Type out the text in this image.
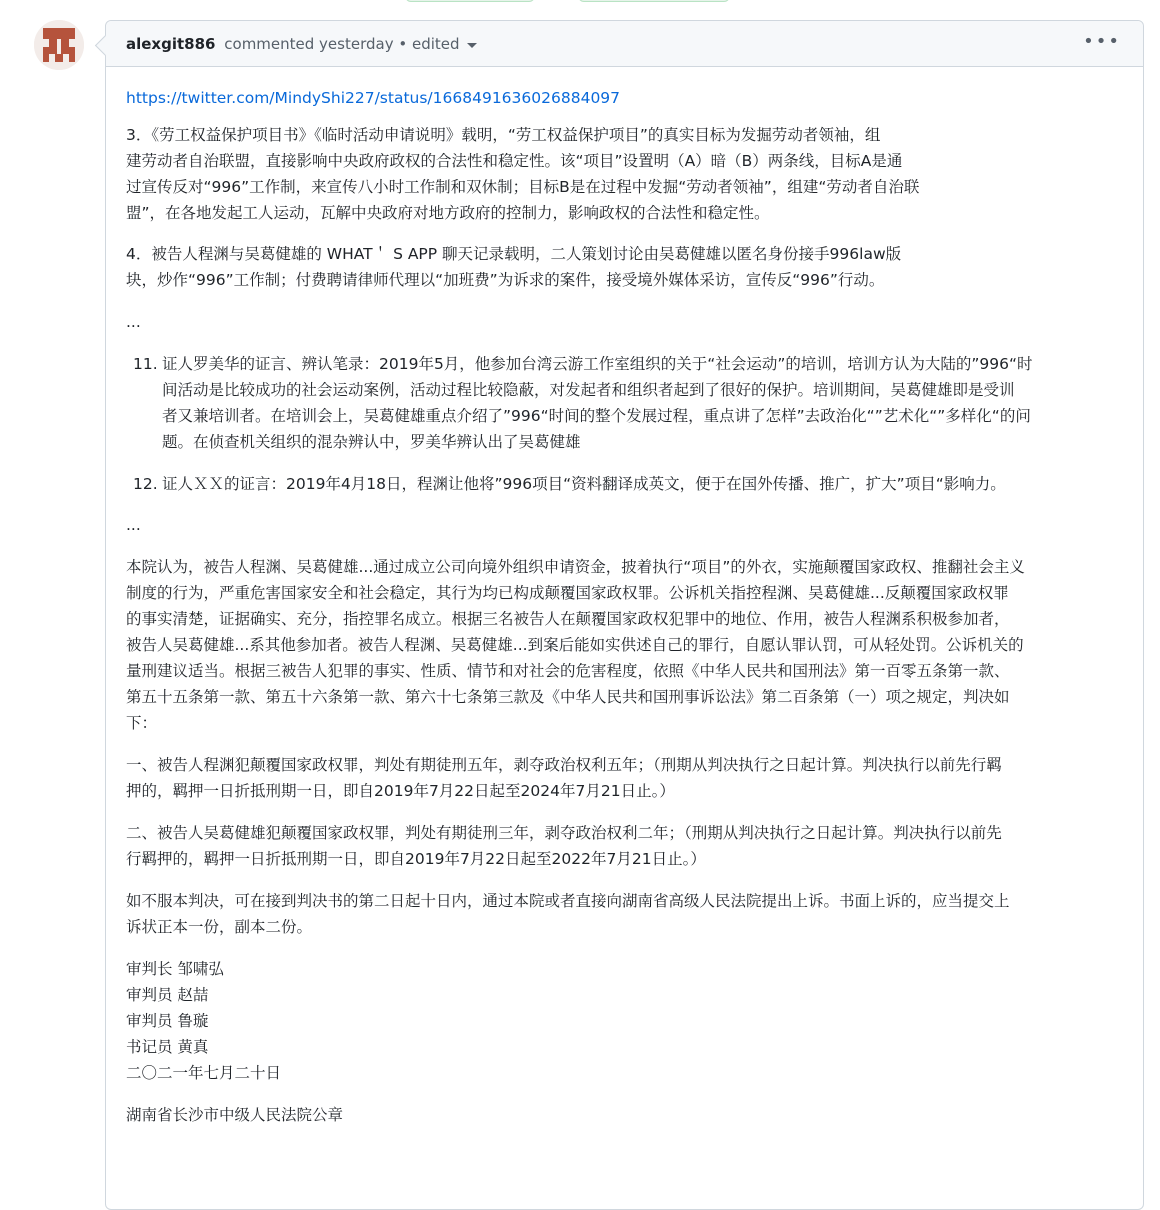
alexgit886 commented yesterday • edited	•••

https://twitter.com/MindyShi227/status/1668491636026884097

3．《劳工权益保护项目书》《临时活动申请说明》载明，“劳工权益保护项目”的真实目标为发掘劳动者领袖，组
建劳动者自治联盟，直接影响中央政府政权的合法性和稳定性。该“项目”设置明（A）暗（B）两条线，目标A是通
过宣传反对“996”工作制，来宣传八小时工作制和双休制；目标B是在过程中发掘“劳动者领袖”，组建“劳动者自治联
盟”，在各地发起工人运动，瓦解中央政府对地方政府的控制力，影响政权的合法性和稳定性。

4．被告人程渊与吴葛健雄的 WHAT＇ S APP 聊天记录载明，二人策划讨论由吴葛健雄以匿名身份接手996law版
块，炒作“996”工作制；付费聘请律师代理以“加班费”为诉求的案件，接受境外媒体采访，宣传反“996”行动。

...

11. 证人罗美华的证言、辨认笔录：2019年5月，他参加台湾云游工作室组织的关于“社会运动”的培训，培训方认为大陆的”996“时
间活动是比较成功的社会运动案例，活动过程比较隐蔽，对发起者和组织者起到了很好的保护。培训期间，吴葛健雄即是受训
者又兼培训者。在培训会上，吴葛健雄重点介绍了”996“时间的整个发展过程，重点讲了怎样”去政治化“”艺术化“”多样化“的问
题。在侦查机关组织的混杂辨认中，罗美华辨认出了吴葛健雄
12. 证人ＸＸ的证言：2019年4月18日，程渊让他将”996项目“资料翻译成英文，便于在国外传播、推广，扩大”项目“影响力。

...

本院认为，被告人程渊、吴葛健雄...通过成立公司向境外组织申请资金，披着执行“项目”的外衣，实施颠覆国家政权、推翻社会主义
制度的行为，严重危害国家安全和社会稳定，其行为均已构成颠覆国家政权罪。公诉机关指控程渊、吴葛健雄...反颠覆国家政权罪
的事实清楚，证据确实、充分，指控罪名成立。根据三名被告人在颠覆国家政权犯罪中的地位、作用，被告人程渊系积极参加者，
被告人吴葛健雄...系其他参加者。被告人程渊、吴葛健雄...到案后能如实供述自己的罪行，自愿认罪认罚，可从轻处罚。公诉机关的
量刑建议适当。根据三被告人犯罪的事实、性质、情节和对社会的危害程度，依照《中华人民共和国刑法》第一百零五条第一款、
第五十五条第一款、第五十六条第一款、第六十七条第三款及《中华人民共和国刑事诉讼法》第二百条第（一）项之规定，判决如
下：

一、被告人程渊犯颠覆国家政权罪，判处有期徒刑五年，剥夺政治权利五年；（刑期从判决执行之日起计算。判决执行以前先行羁
押的，羁押一日折抵刑期一日，即自2019年7月22日起至2024年7月21日止。）

二、被告人吴葛健雄犯颠覆国家政权罪，判处有期徒刑三年，剥夺政治权利二年；（刑期从判决执行之日起计算。判决执行以前先
行羁押的，羁押一日折抵刑期一日，即自2019年7月22日起至2022年7月21日止。）

如不服本判决，可在接到判决书的第二日起十日内，通过本院或者直接向湖南省高级人民法院提出上诉。书面上诉的，应当提交上
诉状正本一份，副本二份。

审判长 邹啸弘
审判员 赵喆
审判员 鲁璇
书记员 黄真
二〇二一年七月二十日

湖南省长沙市中级人民法院公章
